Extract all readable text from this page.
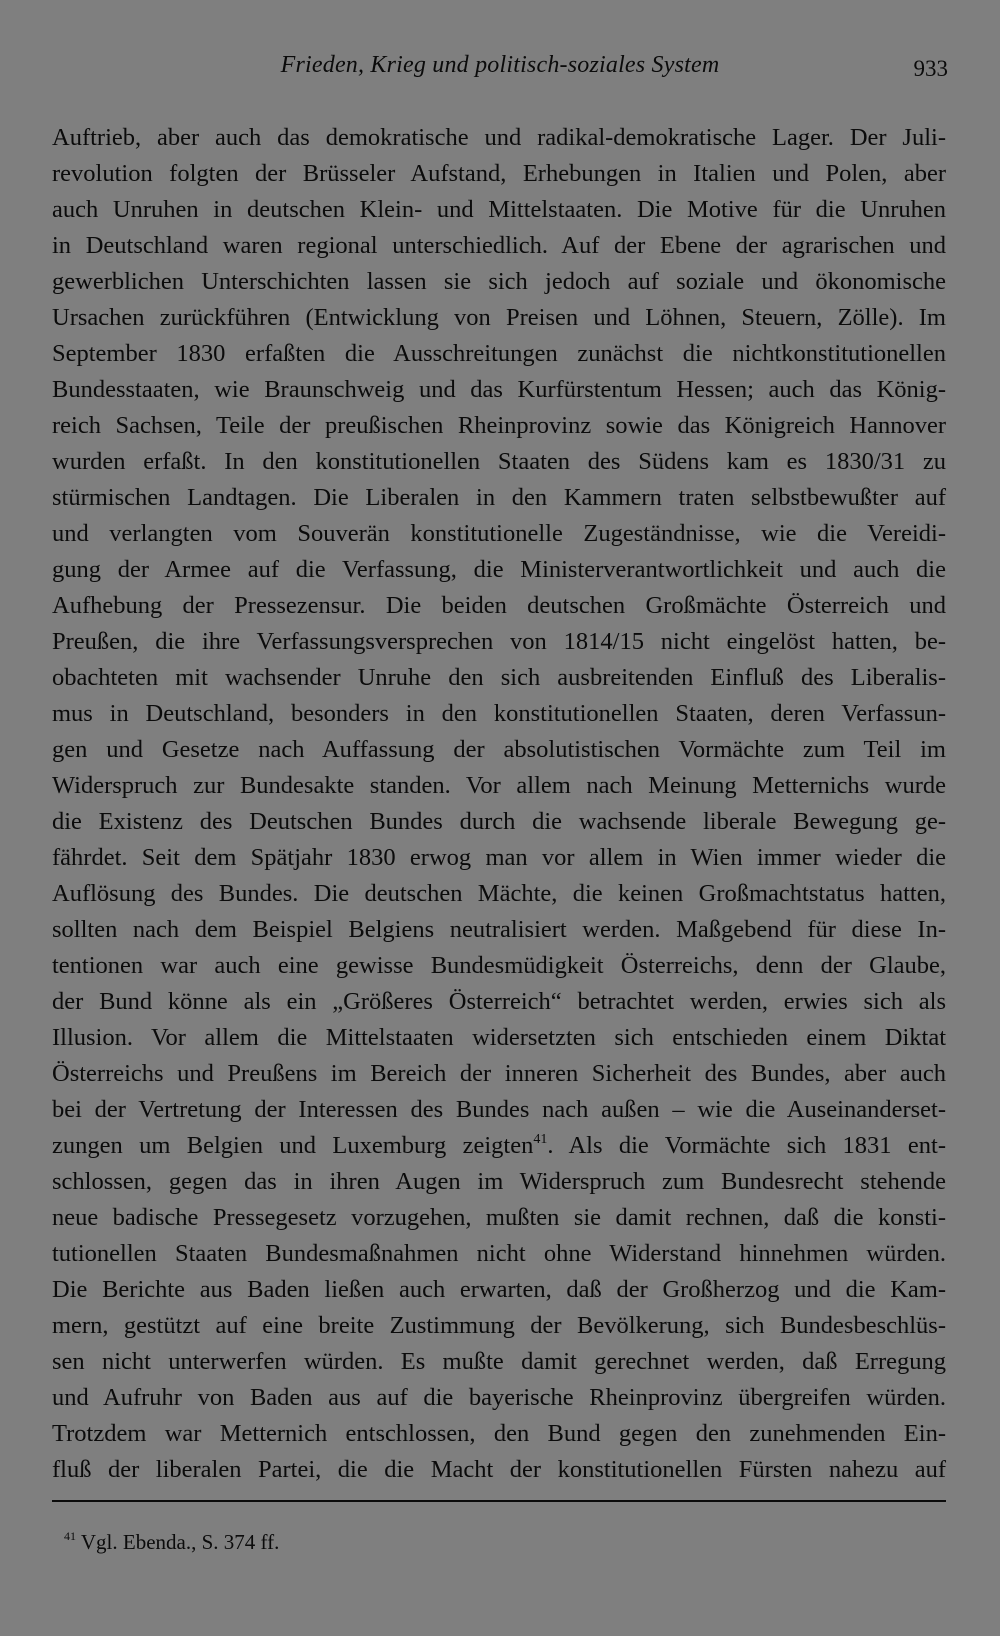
Frieden, Krieg und politisch-soziales System	933
Auftrieb, aber auch das demokratische und radikal-demokratische Lager. Der Juli-
revolution folgten der Brüsseler Aufstand, Erhebungen in Italien und Polen, aber
auch Unruhen in deutschen Klein- und Mittelstaaten. Die Motive für die Unruhen
in Deutschland waren regional unterschiedlich. Auf der Ebene der agrarischen und
gewerblichen Unterschichten lassen sie sich jedoch auf soziale und ökonomische
Ursachen zurückführen (Entwicklung von Preisen und Löhnen, Steuern, Zölle). Im
September 1830 erfaßten die Ausschreitungen zunächst die nichtkonstitutionellen
Bundesstaaten, wie Braunschweig und das Kurfürstentum Hessen; auch das König-
reich Sachsen, Teile der preußischen Rheinprovinz sowie das Königreich Hannover
wurden erfaßt. In den konstitutionellen Staaten des Südens kam es 1830/31 zu
stürmischen Landtagen. Die Liberalen in den Kammern traten selbstbewußter auf
und verlangten vom Souverän konstitutionelle Zugeständnisse, wie die Vereidi-
gung der Armee auf die Verfassung, die Ministerverantwortlichkeit und auch die
Aufhebung der Pressezensur. Die beiden deutschen Großmächte Österreich und
Preußen, die ihre Verfassungsversprechen von 1814/15 nicht eingelöst hatten, be-
obachteten mit wachsender Unruhe den sich ausbreitenden Einfluß des Liberalis-
mus in Deutschland, besonders in den konstitutionellen Staaten, deren Verfassun-
gen und Gesetze nach Auffassung der absolutistischen Vormächte zum Teil im
Widerspruch zur Bundesakte standen. Vor allem nach Meinung Metternichs wurde
die Existenz des Deutschen Bundes durch die wachsende liberale Bewegung ge-
fährdet. Seit dem Spätjahr 1830 erwog man vor allem in Wien immer wieder die
Auflösung des Bundes. Die deutschen Mächte, die keinen Großmachtstatus hatten,
sollten nach dem Beispiel Belgiens neutralisiert werden. Maßgebend für diese In-
tentionen war auch eine gewisse Bundesmüdigkeit Österreichs, denn der Glaube,
der Bund könne als ein „Größeres Österreich“ betrachtet werden, erwies sich als
Illusion. Vor allem die Mittelstaaten widersetzten sich entschieden einem Diktat
Österreichs und Preußens im Bereich der inneren Sicherheit des Bundes, aber auch
bei der Vertretung der Interessen des Bundes nach außen – wie die Auseinanderset-
zungen um Belgien und Luxemburg zeigten$^{41}$. Als die Vormächte sich 1831 ent-
schlossen, gegen das in ihren Augen im Widerspruch zum Bundesrecht stehende
neue badische Pressegesetz vorzugehen, mußten sie damit rechnen, daß die konsti-
tutionellen Staaten Bundesmaßnahmen nicht ohne Widerstand hinnehmen würden.
Die Berichte aus Baden ließen auch erwarten, daß der Großherzog und die Kam-
mern, gestützt auf eine breite Zustimmung der Bevölkerung, sich Bundesbeschlüs-
sen nicht unterwerfen würden. Es mußte damit gerechnet werden, daß Erregung
und Aufruhr von Baden aus auf die bayerische Rheinprovinz übergreifen würden.
Trotzdem war Metternich entschlossen, den Bund gegen den zunehmenden Ein-
fluß der liberalen Partei, die die Macht der konstitutionellen Fürsten nahezu auf
$^{41}$ Vgl. Ebenda., S. 374 ff.
